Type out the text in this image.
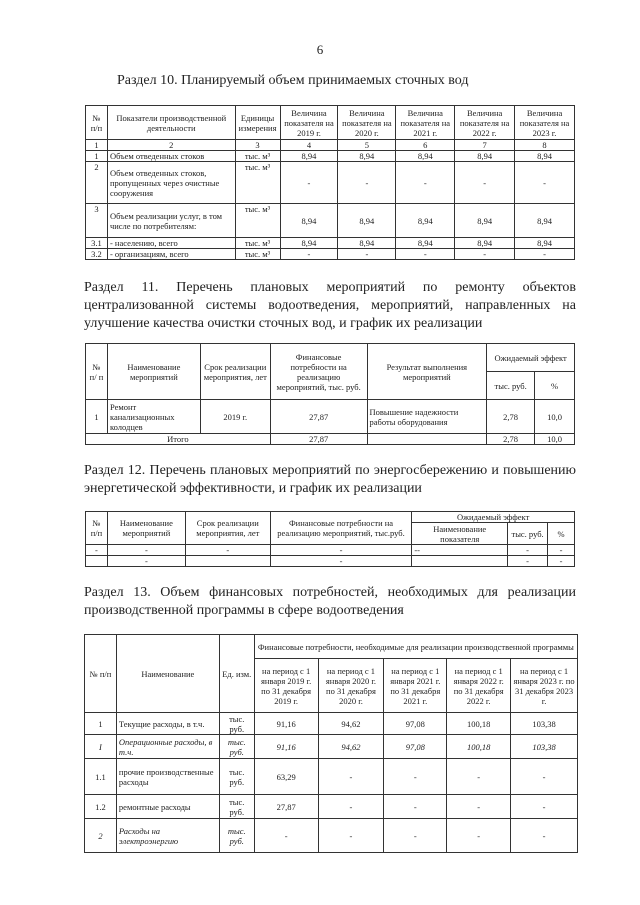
6
Раздел 10. Планируемый объем принимаемых сточных вод
№ п/п	Показатели производственной деятельности	Единицы измерения	Величина показателя на 2019 г.	Величина показателя на 2020 г.	Величина показателя на 2021 г.	Величина показателя на 2022 г.	Величина показателя на 2023 г.
1	2	3	4	5	6	7	8
1	Объем отведенных стоков	тыс. м³	8,94	8,94	8,94	8,94	8,94
2	Объем отведенных стоков, пропущенных через очистные сооружения	тыс. м³	-	-	-	-	-
3	Объем реализации услуг, в том числе по потребителям:	тыс. м³	8,94	8,94	8,94	8,94	8,94
3.1	- населению, всего	тыс. м³	8,94	8,94	8,94	8,94	8,94
3.2	- организациям, всего	тыс. м³	-	-	-	-	-
Раздел 11. Перечень плановых мероприятий по ремонту объектов централизованной системы водоотведения, мероприятий, направленных на улучшение качества очистки сточных вод, и график их реализации
№ п/ п	Наименование мероприятий	Срок реализации мероприятия, лет	Финансовые потребности на реализацию мероприятий, тыс. руб.	Результат выполнения мероприятий	Ожидаемый эффект	
					тыс. руб.	%
1	Ремонт канализационных колодцев	2019 г.	27,87	Повышение надежности работы оборудования	2,78	10,0
Итого			27,87		2,78	10,0
Раздел 12. Перечень плановых мероприятий по энергосбережению и повышению энергетической эффективности, и график их реализации
№ п/п	Наименование мероприятий	Срок реализации мероприятия, лет	Финансовые потребности на реализацию мероприятий, тыс.руб.	Ожидаемый эффект		
				Наименование показателя	тыс. руб.	%
-	-	-	-	--	-	-
	-		-		-	-
Раздел 13. Объем финансовых потребностей, необходимых для реализации производственной программы в сфере водоотведения
№ п/п	Наименование	Ед. изм.	Финансовые потребности, необходимые для реализации производственной программы				
			на период с 1 января 2019 г. по 31 декабря 2019 г.	на период с 1 января 2020 г. по 31 декабря 2020 г.	на период с 1 января 2021 г. по 31 декабря 2021 г.	на период с 1 января 2022 г. по 31 декабря 2022 г.	на период с 1 января 2023 г. по 31 декабря 2023 г.
1	Текущие расходы, в т.ч.	тыс. руб.	91,16	94,62	97,08	100,18	103,38
I	Операционные расходы, в т.ч.	тыс. руб.	91,16	94,62	97,08	100,18	103,38
1.1	прочие производственные расходы	тыс. руб.	63,29	-	-	-	-
1.2	ремонтные расходы	тыс. руб.	27,87	-	-	-	-
2	Расходы на электроэнергию	тыс. руб.	-	-	-	-	-
